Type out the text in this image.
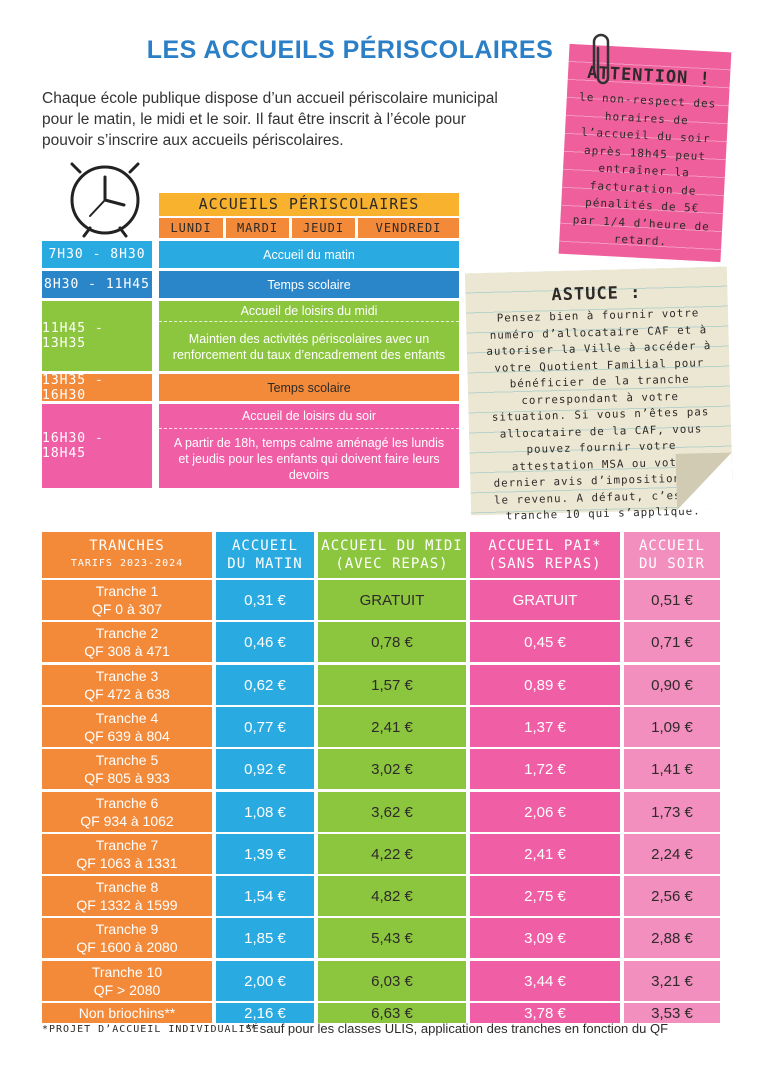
LES ACCUEILS PÉRISCOLAIRES
Chaque école publique dispose d’un accueil périscolaire municipal pour le matin, le midi et le soir. Il faut être inscrit à l’école pour pouvoir s’inscrire aux accueils périscolaires.
ACCUEILS PÉRISCOLAIRES
LUNDI	MARDI	JEUDI	VENDREDI
7H30 - 8H30	Accueil du matin
8H30 - 11H45	Temps scolaire
11H45 - 13H35
Accueil de loisirs du midi
Maintien des activités périscolaires avec un renforcement du taux d’encadrement des enfants
13H35 - 16H30	Temps scolaire
16H30 - 18H45
Accueil de loisirs du soir
A partir de 18h, temps calme aménagé les lundis et jeudis pour les enfants qui doivent faire leurs devoirs
ATTENTION !
le non-respect des horaires de l’accueil du soir après 18h45 peut entraîner la facturation de pénalités de 5€ par 1/4 d’heure de retard.
ASTUCE :
Pensez bien à fournir votre numéro d’allocataire CAF et à autoriser la Ville à accéder à votre Quotient Familial pour bénéficier de la tranche correspondant à votre situation. Si vous n’êtes pas allocataire de la CAF, vous pouvez fournir votre attestation MSA ou votre dernier avis d’imposition sur le revenu. A défaut, c’est la tranche 10 qui s’applique.
TRANCHES
TARIFS 2023-2024
ACCUEIL
DU MATIN
ACCUEIL DU MIDI
(AVEC REPAS)
ACCUEIL PAI*
(SANS REPAS)
ACCUEIL
DU SOIR
Tranche 1
QF 0 à 307
0,31 €	GRATUIT	GRATUIT	0,51 €
Tranche 2
QF 308 à 471
0,46 €	0,78 €	0,45 €	0,71 €
Tranche 3
QF 472 à 638
0,62 €	1,57 €	0,89 €	0,90 €
Tranche 4
QF 639 à 804
0,77 €	2,41 €	1,37 €	1,09 €
Tranche 5
QF 805 à 933
0,92 €	3,02 €	1,72 €	1,41 €
Tranche 6
QF 934 à 1062
1,08 €	3,62 €	2,06 €	1,73 €
Tranche 7
QF 1063 à 1331
1,39 €	4,22 €	2,41 €	2,24 €
Tranche 8
QF 1332 à 1599
1,54 €	4,82 €	2,75 €	2,56 €
Tranche 9
QF 1600 à 2080
1,85 €	5,43 €	3,09 €	2,88 €
Tranche 10
QF > 2080
2,00 €	6,03 €	3,44 €	3,21 €
Non briochins**	2,16 €	6,63 €	3,78 €	3,53 €
*PROJET D’ACCUEIL INDIVIDUALISÉ
** sauf pour les classes ULIS, application des tranches en fonction du QF
